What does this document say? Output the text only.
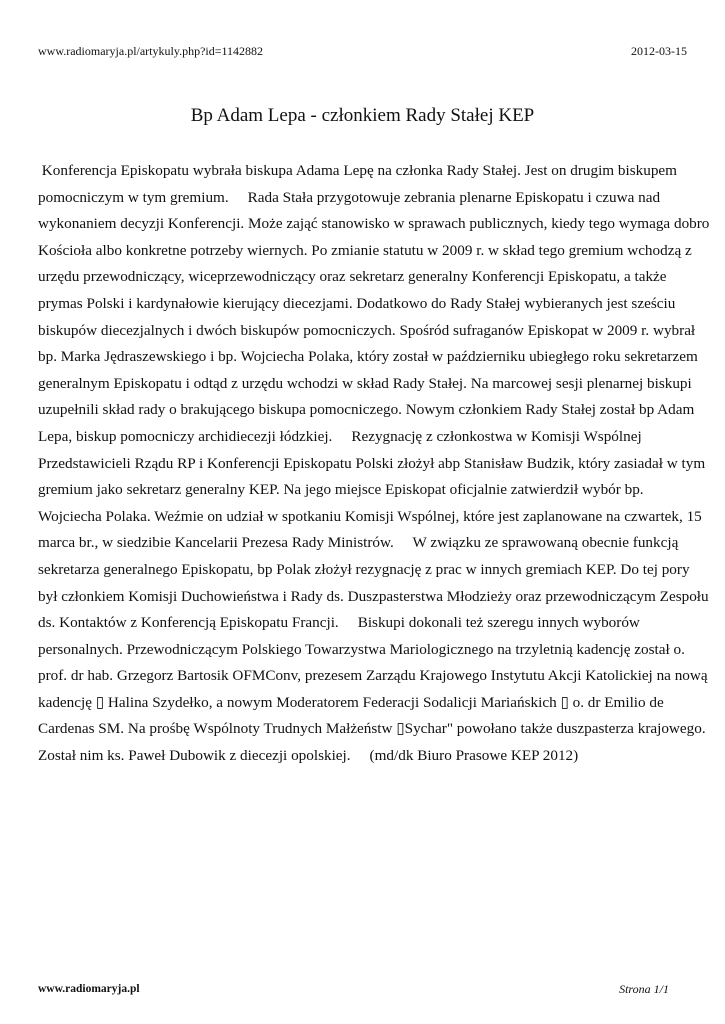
www.radiomaryja.pl/artykuly.php?id=1142882	2012-03-15
Bp Adam Lepa - członkiem Rady Stałej KEP
Konferencja Episkopatu wybrała biskupa Adama Lepę na członka Rady Stałej. Jest on drugim biskupem
pomocniczym w tym gremium.     Rada Stała przygotowuje zebrania plenarne Episkopatu i czuwa nad
wykonaniem decyzji Konferencji. Może zająć stanowisko w sprawach publicznych, kiedy tego wymaga dobro
Kościoła albo konkretne potrzeby wiernych. Po zmianie statutu w 2009 r. w skład tego gremium wchodzą z
urzędu przewodniczący, wiceprzewodniczący oraz sekretarz generalny Konferencji Episkopatu, a także
prymas Polski i kardynałowie kierujący diecezjami. Dodatkowo do Rady Stałej wybieranych jest sześciu
biskupów diecezjalnych i dwóch biskupów pomocniczych. Spośród sufraganów Episkopat w 2009 r. wybrał
bp. Marka Jędraszewskiego i bp. Wojciecha Polaka, który został w październiku ubiegłego roku sekretarzem
generalnym Episkopatu i odtąd z urzędu wchodzi w skład Rady Stałej. Na marcowej sesji plenarnej biskupi
uzupełnili skład rady o brakującego biskupa pomocniczego. Nowym członkiem Rady Stałej został bp Adam
Lepa, biskup pomocniczy archidiecezji łódzkiej.     Rezygnację z członkostwa w Komisji Wspólnej
Przedstawicieli Rządu RP i Konferencji Episkopatu Polski złożył abp Stanisław Budzik, który zasiadał w tym
gremium jako sekretarz generalny KEP. Na jego miejsce Episkopat oficjalnie zatwierdził wybór bp.
Wojciecha Polaka. Weźmie on udział w spotkaniu Komisji Wspólnej, które jest zaplanowane na czwartek, 15
marca br., w siedzibie Kancelarii Prezesa Rady Ministrów.     W związku ze sprawowaną obecnie funkcją
sekretarza generalnego Episkopatu, bp Polak złożył rezygnację z prac w innych gremiach KEP. Do tej pory
był członkiem Komisji Duchowieństwa i Rady ds. Duszpasterstwa Młodzieży oraz przewodniczącym Zespołu
ds. Kontaktów z Konferencją Episkopatu Francji.     Biskupi dokonali też szeregu innych wyborów
personalnych. Przewodniczącym Polskiego Towarzystwa Mariologicznego na trzyletnią kadencję został o.
prof. dr hab. Grzegorz Bartosik OFMConv, prezesem Zarządu Krajowego Instytutu Akcji Katolickiej na nową
kadencję ▯ Halina Szydełko, a nowym Moderatorem Federacji Sodalicji Mariańskich ▯ o. dr Emilio de
Cardenas SM. Na prośbę Wspólnoty Trudnych Małżeństw ▯Sychar" powołano także duszpasterza krajowego.
Został nim ks. Paweł Dubowik z diecezji opolskiej.     (md/dk Biuro Prasowe KEP 2012)
www.radiomaryja.pl	Strona 1/1
